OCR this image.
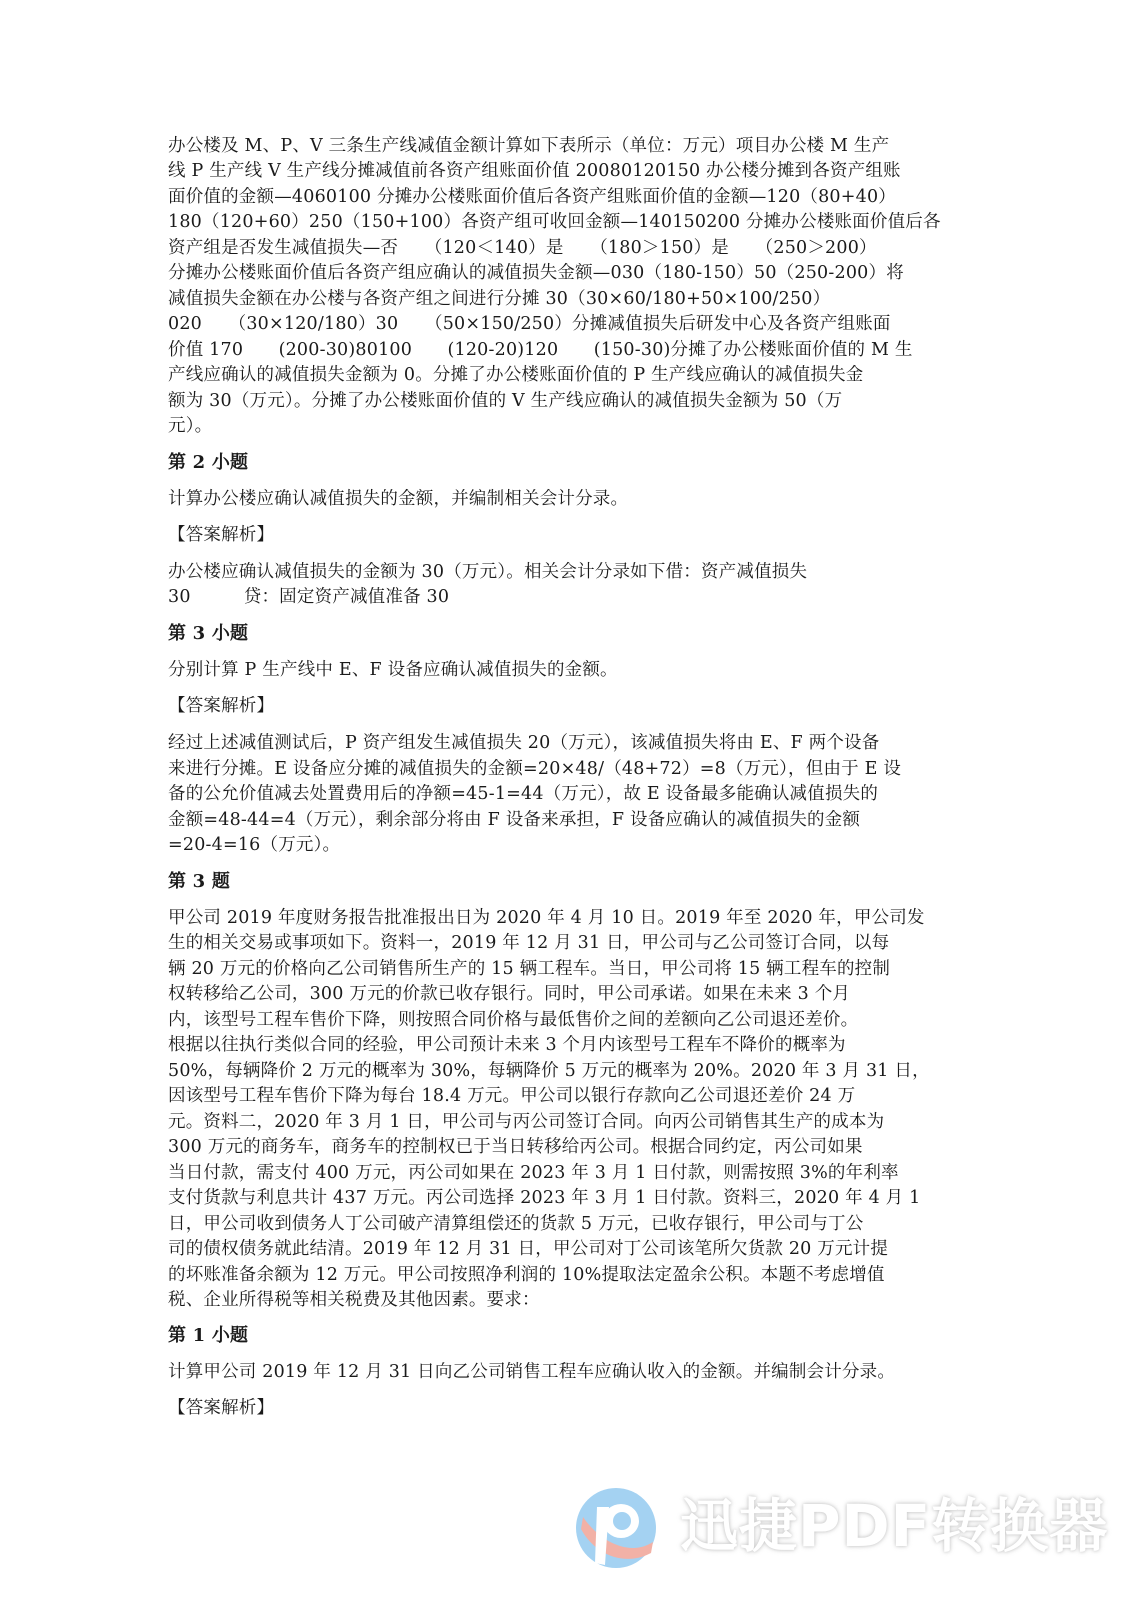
办公楼及 M、P、V 三条生产线减值金额计算如下表所示（单位：万元）项目办公楼 M 生产
线 P 生产线 V 生产线分摊减值前各资产组账面价值 20080120150 办公楼分摊到各资产组账
面价值的金额—4060100 分摊办公楼账面价值后各资产组账面价值的金额—120（80+40）
180（120+60）250（150+100）各资产组可收回金额—140150200 分摊办公楼账面价值后各
资产组是否发生减值损失—否　　（120＜140）是　　（180＞150）是　　（250＞200）
分摊办公楼账面价值后各资产组应确认的减值损失金额—030（180-150）50（250-200）将
减值损失金额在办公楼与各资产组之间进行分摊 30（30×60/180+50×100/250）
020　　（30×120/180）30　　（50×150/250）分摊减值损失后研发中心及各资产组账面
价值 170　　(200-30)80100　　(120-20)120　　(150-30)分摊了办公楼账面价值的 M 生
产线应确认的减值损失金额为 0。分摊了办公楼账面价值的 P 生产线应确认的减值损失金
额为 30（万元）。分摊了办公楼账面价值的 V 生产线应确认的减值损失金额为 50（万
元）。
第 2 小题
计算办公楼应确认减值损失的金额，并编制相关会计分录。
【答案解析】
办公楼应确认减值损失的金额为 30（万元）。相关会计分录如下借：资产减值损失
30　　　贷：固定资产减值准备 30
第 3 小题
分别计算 P 生产线中 E、F 设备应确认减值损失的金额。
【答案解析】
经过上述减值测试后，P 资产组发生减值损失 20（万元），该减值损失将由 E、F 两个设备
来进行分摊。E 设备应分摊的减值损失的金额=20×48/（48+72）=8（万元），但由于 E 设
备的公允价值减去处置费用后的净额=45-1=44（万元），故 E 设备最多能确认减值损失的
金额=48-44=4（万元），剩余部分将由 F 设备来承担，F 设备应确认的减值损失的金额
=20-4=16（万元）。
第 3 题
甲公司 2019 年度财务报告批准报出日为 2020 年 4 月 10 日。2019 年至 2020 年，甲公司发
生的相关交易或事项如下。资料一，2019 年 12 月 31 日，甲公司与乙公司签订合同，以每
辆 20 万元的价格向乙公司销售所生产的 15 辆工程车。当日，甲公司将 15 辆工程车的控制
权转移给乙公司，300 万元的价款已收存银行。同时，甲公司承诺。如果在未来 3 个月
内，该型号工程车售价下降，则按照合同价格与最低售价之间的差额向乙公司退还差价。
根据以往执行类似合同的经验，甲公司预计未来 3 个月内该型号工程车不降价的概率为
50%，每辆降价 2 万元的概率为 30%，每辆降价 5 万元的概率为 20%。2020 年 3 月 31 日，
因该型号工程车售价下降为每台 18.4 万元。甲公司以银行存款向乙公司退还差价 24 万
元。资料二，2020 年 3 月 1 日，甲公司与丙公司签订合同。向丙公司销售其生产的成本为
300 万元的商务车，商务车的控制权已于当日转移给丙公司。根据合同约定，丙公司如果
当日付款，需支付 400 万元，丙公司如果在 2023 年 3 月 1 日付款，则需按照 3%的年利率
支付货款与利息共计 437 万元。丙公司选择 2023 年 3 月 1 日付款。资料三，2020 年 4 月 1
日，甲公司收到债务人丁公司破产清算组偿还的货款 5 万元，已收存银行，甲公司与丁公
司的债权债务就此结清。2019 年 12 月 31 日，甲公司对丁公司该笔所欠货款 20 万元计提
的坏账准备余额为 12 万元。甲公司按照净利润的 10%提取法定盈余公积。本题不考虑增值
税、企业所得税等相关税费及其他因素。要求：
第 1 小题
计算甲公司 2019 年 12 月 31 日向乙公司销售工程车应确认收入的金额。并编制会计分录。
【答案解析】
迅捷PDF转换器
